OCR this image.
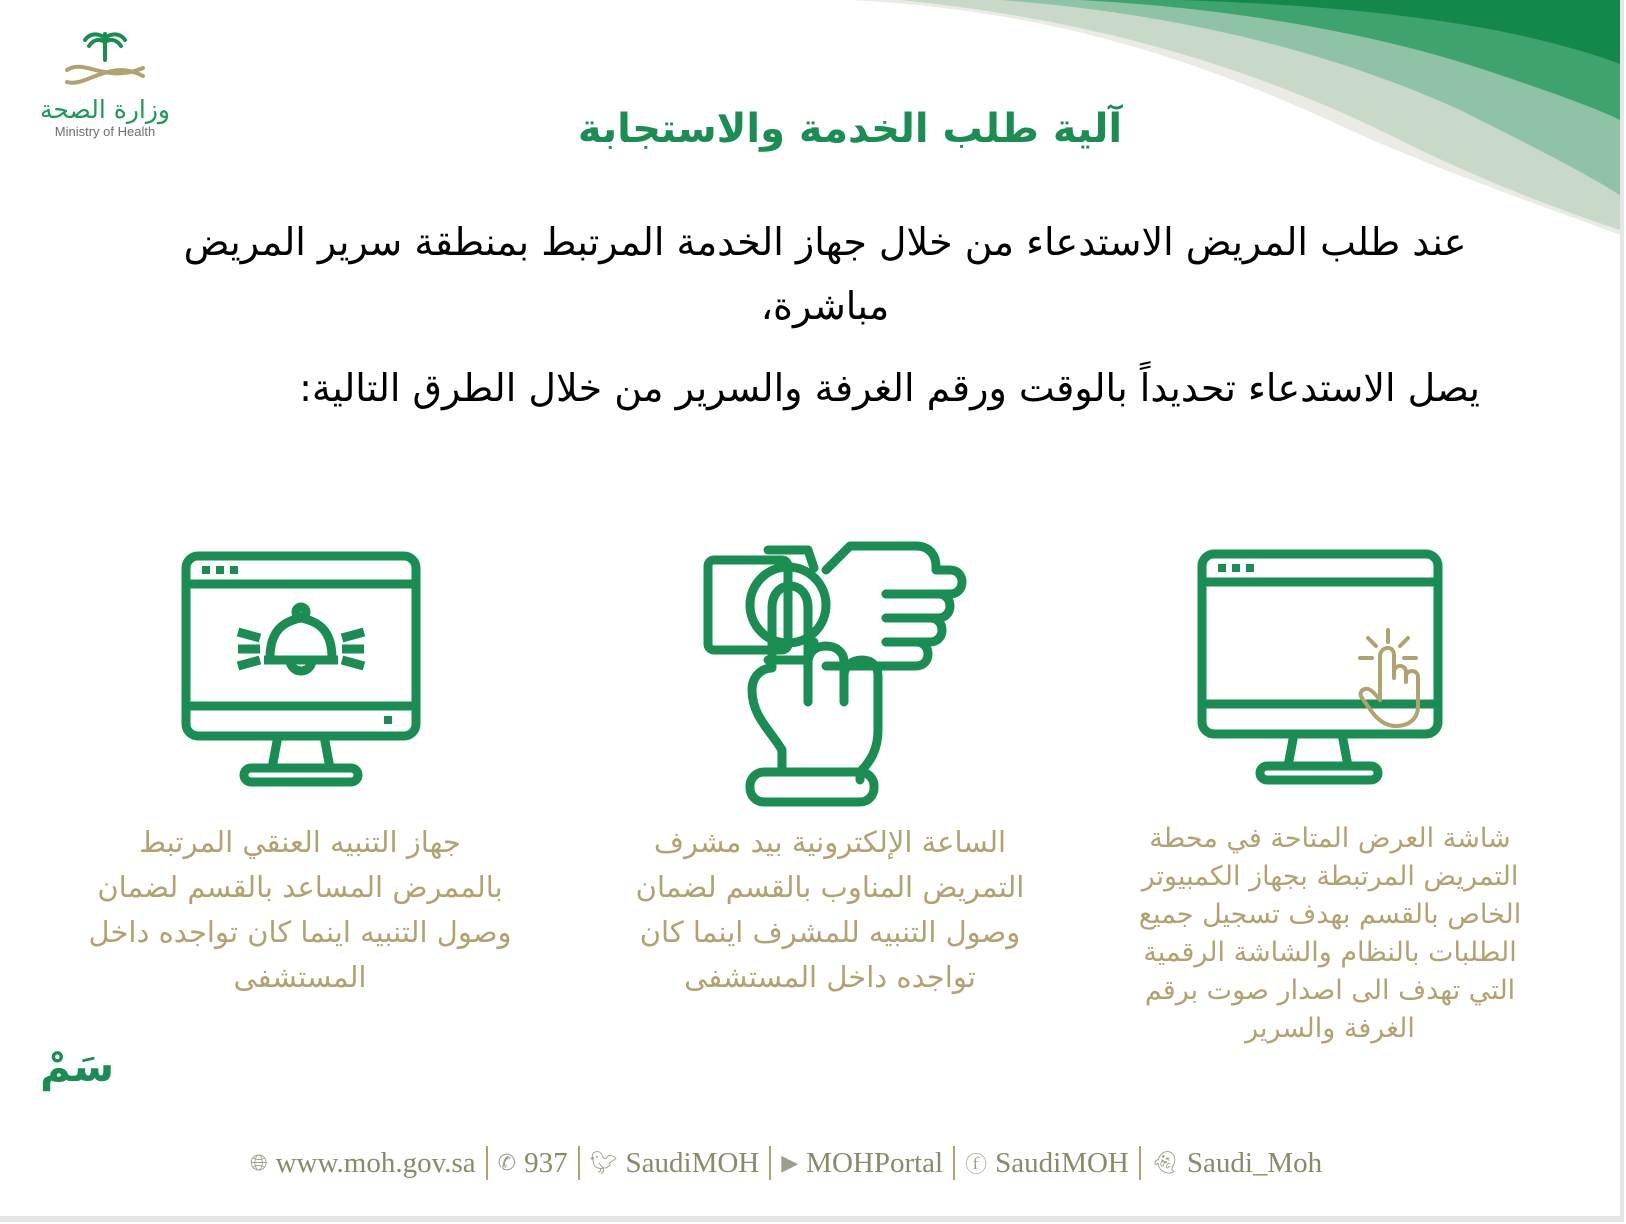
وزارة الصحة
Ministry of Health	آلية طلب الخدمة والاستجابة

عند طلب المريض الاستدعاء من خلال جهاز الخدمة المرتبط بمنطقة سرير المريض مباشرة،

يصل الاستدعاء تحديداً بالوقت ورقم الغرفة والسرير من خلال الطرق التالية:

جهاز التنبيه العنقي المرتبط بالممرض المساعد بالقسم لضمان وصول التنبيه اينما كان تواجده داخل المستشفى
الساعة الإلكترونية بيد مشرف التمريض المناوب بالقسم لضمان وصول التنبيه للمشرف اينما كان تواجده داخل المستشفى
شاشة العرض المتاحة في محطة التمريض المرتبطة بجهاز الكمبيوتر الخاص بالقسم بهدف تسجيل جميع الطلبات بالنظام والشاشة الرقمية التي تهدف الى اصدار صوت برقم الغرفة والسرير
سَمْ
🌐︎ www.moh.gov.sa ✆ 937 🐦︎ SaudiMOH ▶ MOHPortal ⓕ SaudiMOH 👻︎ Saudi_Moh
